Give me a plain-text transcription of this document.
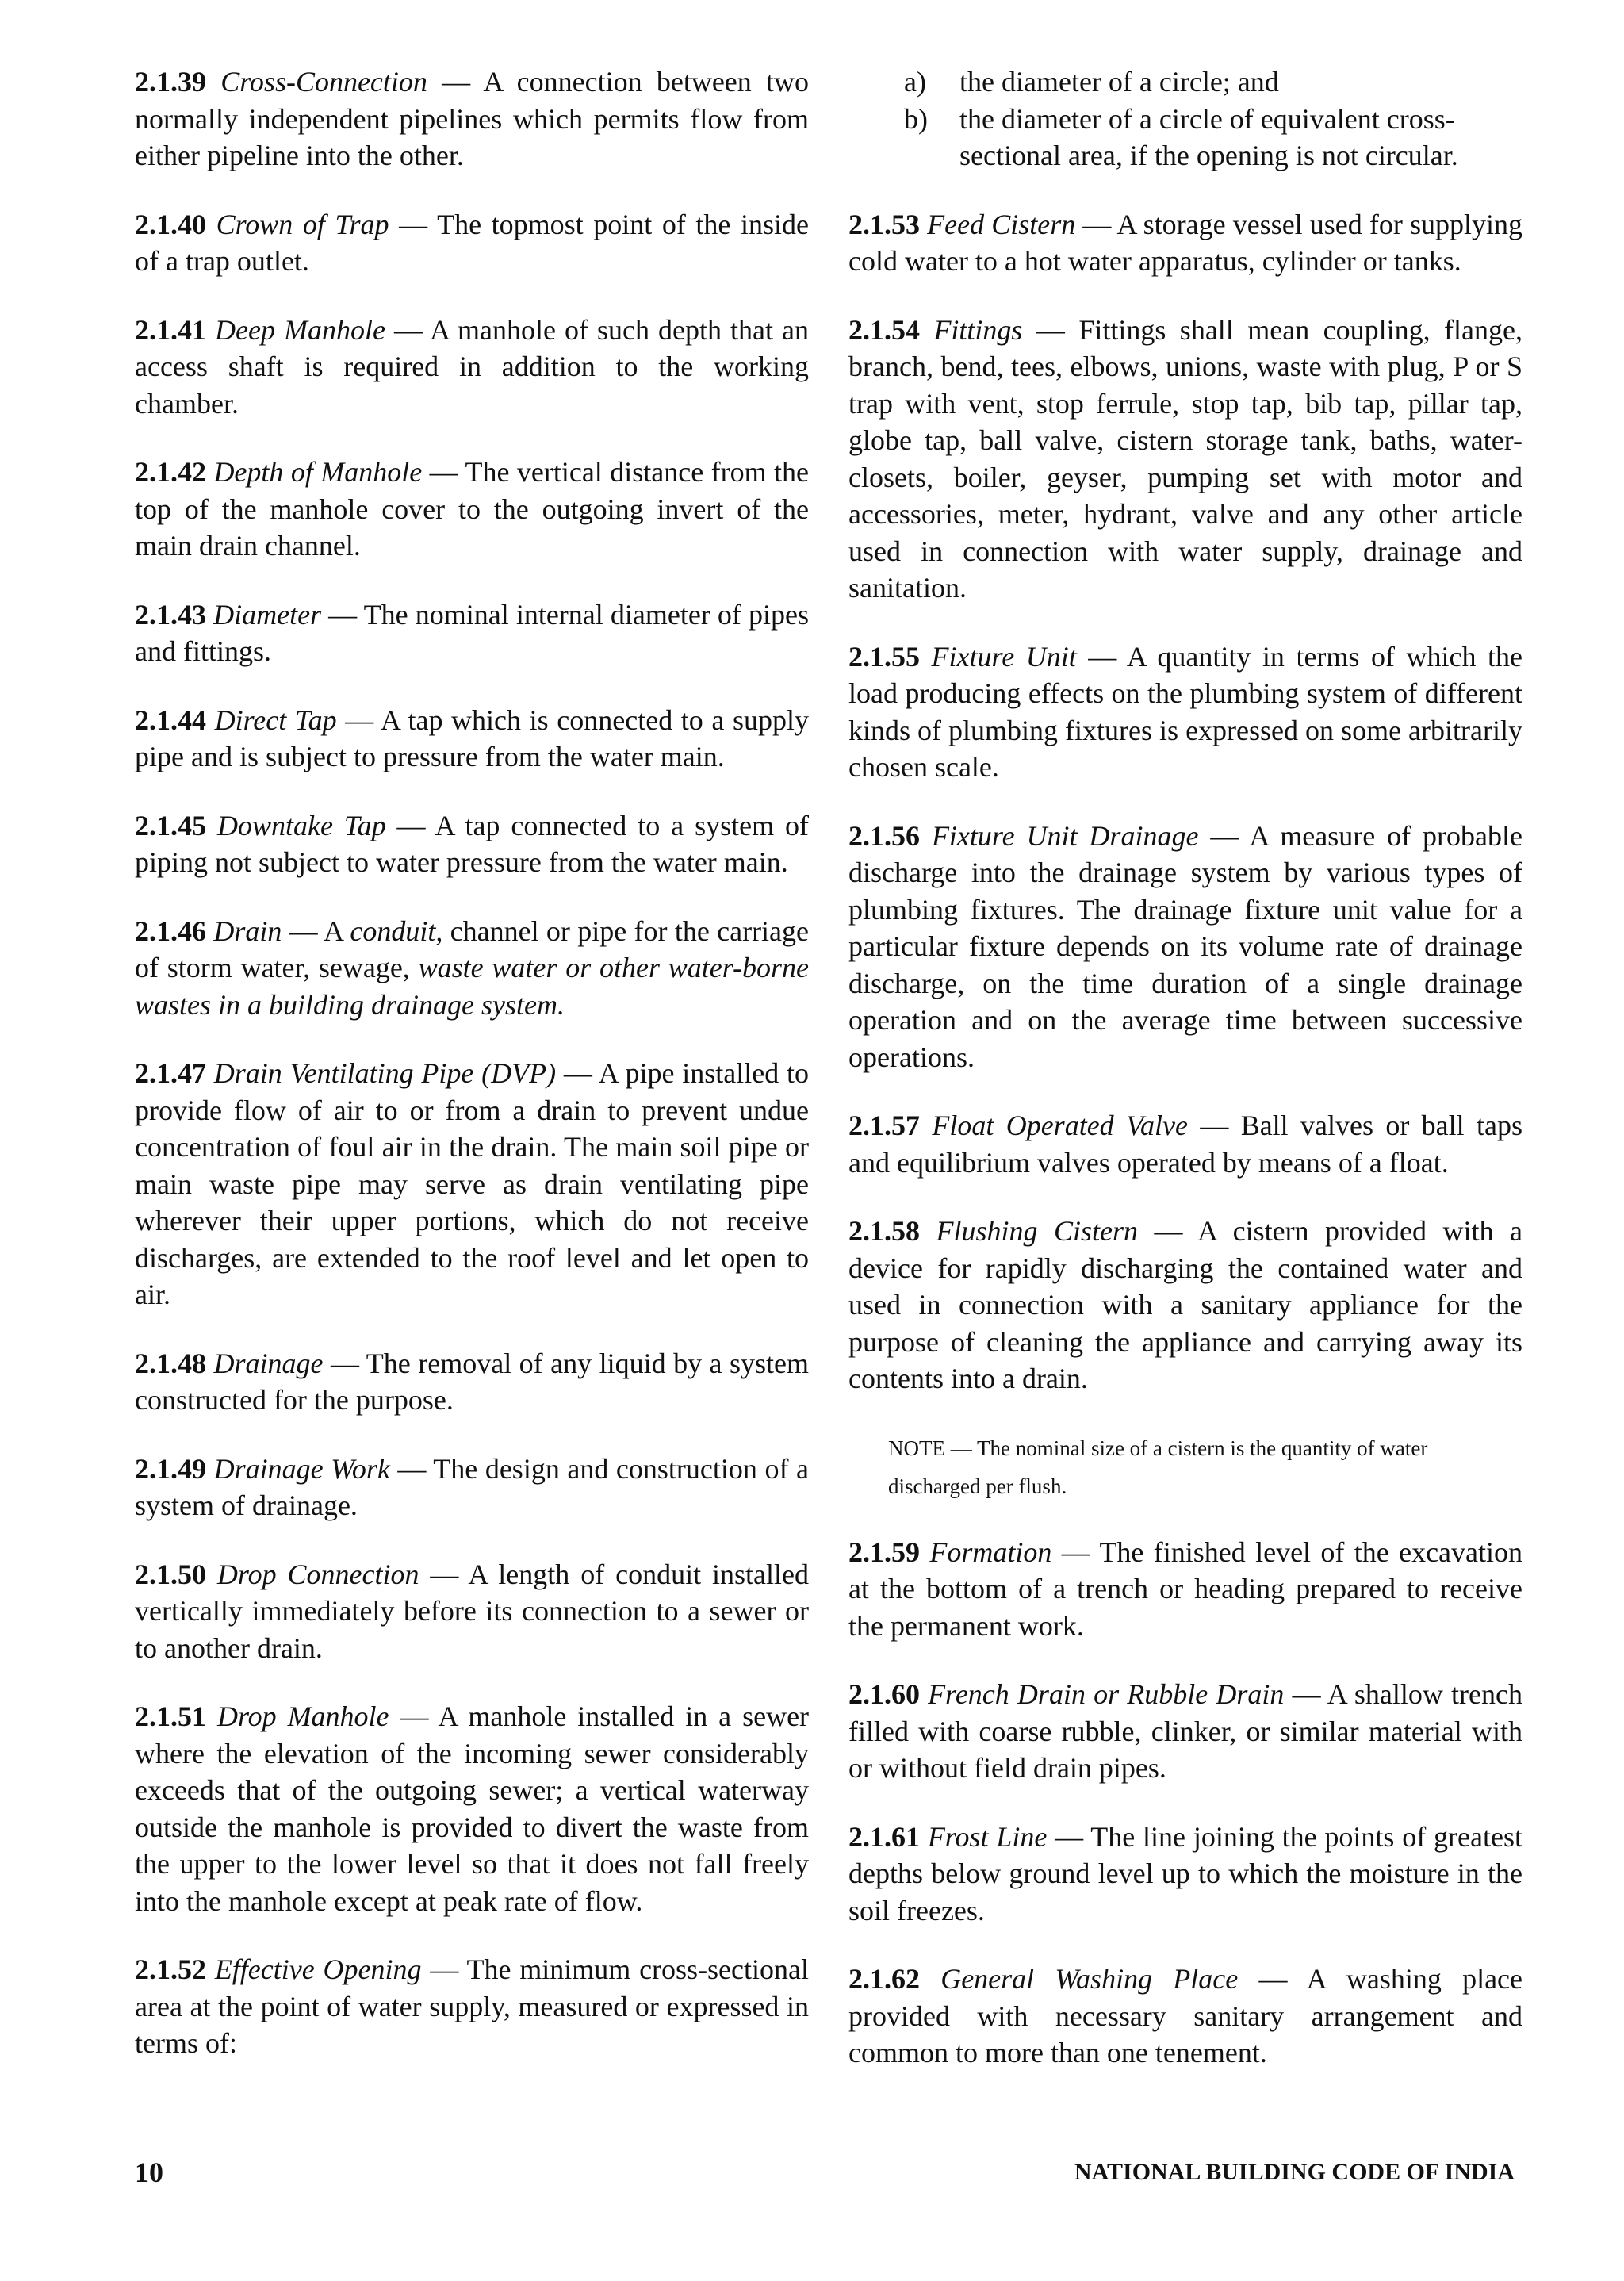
2.1.39 Cross-Connection — A connection between two normally independent pipelines which permits flow from either pipeline into the other.

2.1.40 Crown of Trap — The topmost point of the inside of a trap outlet.

2.1.41 Deep Manhole — A manhole of such depth that an access shaft is required in addition to the working chamber.

2.1.42 Depth of Manhole — The vertical distance from the top of the manhole cover to the outgoing invert of the main drain channel.

2.1.43 Diameter — The nominal internal diameter of pipes and fittings.

2.1.44 Direct Tap — A tap which is connected to a supply pipe and is subject to pressure from the water main.

2.1.45 Downtake Tap — A tap connected to a system of piping not subject to water pressure from the water main.

2.1.46 Drain — A conduit, channel or pipe for the carriage of storm water, sewage, waste water or other water-borne wastes in a building drainage system.

2.1.47 Drain Ventilating Pipe (DVP) — A pipe installed to provide flow of air to or from a drain to prevent undue concentration of foul air in the drain. The main soil pipe or main waste pipe may serve as drain ventilating pipe wherever their upper portions, which do not receive discharges, are extended to the roof level and let open to air.

2.1.48 Drainage — The removal of any liquid by a system constructed for the purpose.

2.1.49 Drainage Work — The design and construction of a system of drainage.

2.1.50 Drop Connection — A length of conduit installed vertically immediately before its connection to a sewer or to another drain.

2.1.51 Drop Manhole — A manhole installed in a sewer where the elevation of the incoming sewer considerably exceeds that of the outgoing sewer; a vertical waterway outside the manhole is provided to divert the waste from the upper to the lower level so that it does not fall freely into the manhole except at peak rate of flow.

2.1.52 Effective Opening — The minimum cross-sectional area at the point of water supply, measured or expressed in terms of:

a)	the diameter of a circle; and
b)	the diameter of a circle of equivalent cross-sectional area, if the opening is not circular.

2.1.53 Feed Cistern — A storage vessel used for supplying cold water to a hot water apparatus, cylinder or tanks.

2.1.54 Fittings — Fittings shall mean coupling, flange, branch, bend, tees, elbows, unions, waste with plug, P or S trap with vent, stop ferrule, stop tap, bib tap, pillar tap, globe tap, ball valve, cistern storage tank, baths, water-closets, boiler, geyser, pumping set with motor and accessories, meter, hydrant, valve and any other article used in connection with water supply, drainage and sanitation.

2.1.55 Fixture Unit — A quantity in terms of which the load producing effects on the plumbing system of different kinds of plumbing fixtures is expressed on some arbitrarily chosen scale.

2.1.56 Fixture Unit Drainage — A measure of probable discharge into the drainage system by various types of plumbing fixtures. The drainage fixture unit value for a particular fixture depends on its volume rate of drainage discharge, on the time duration of a single drainage operation and on the average time between successive operations.

2.1.57 Float Operated Valve — Ball valves or ball taps and equilibrium valves operated by means of a float.

2.1.58 Flushing Cistern — A cistern provided with a device for rapidly discharging the contained water and used in connection with a sanitary appliance for the purpose of cleaning the appliance and carrying away its contents into a drain.

NOTE — The nominal size of a cistern is the quantity of water discharged per flush.

2.1.59 Formation — The finished level of the excavation at the bottom of a trench or heading prepared to receive the permanent work.

2.1.60 French Drain or Rubble Drain — A shallow trench filled with coarse rubble, clinker, or similar material with or without field drain pipes.

2.1.61 Frost Line — The line joining the points of greatest depths below ground level up to which the moisture in the soil freezes.

2.1.62 General Washing Place — A washing place provided with necessary sanitary arrangement and common to more than one tenement.

10	NATIONAL BUILDING CODE OF INDIA
